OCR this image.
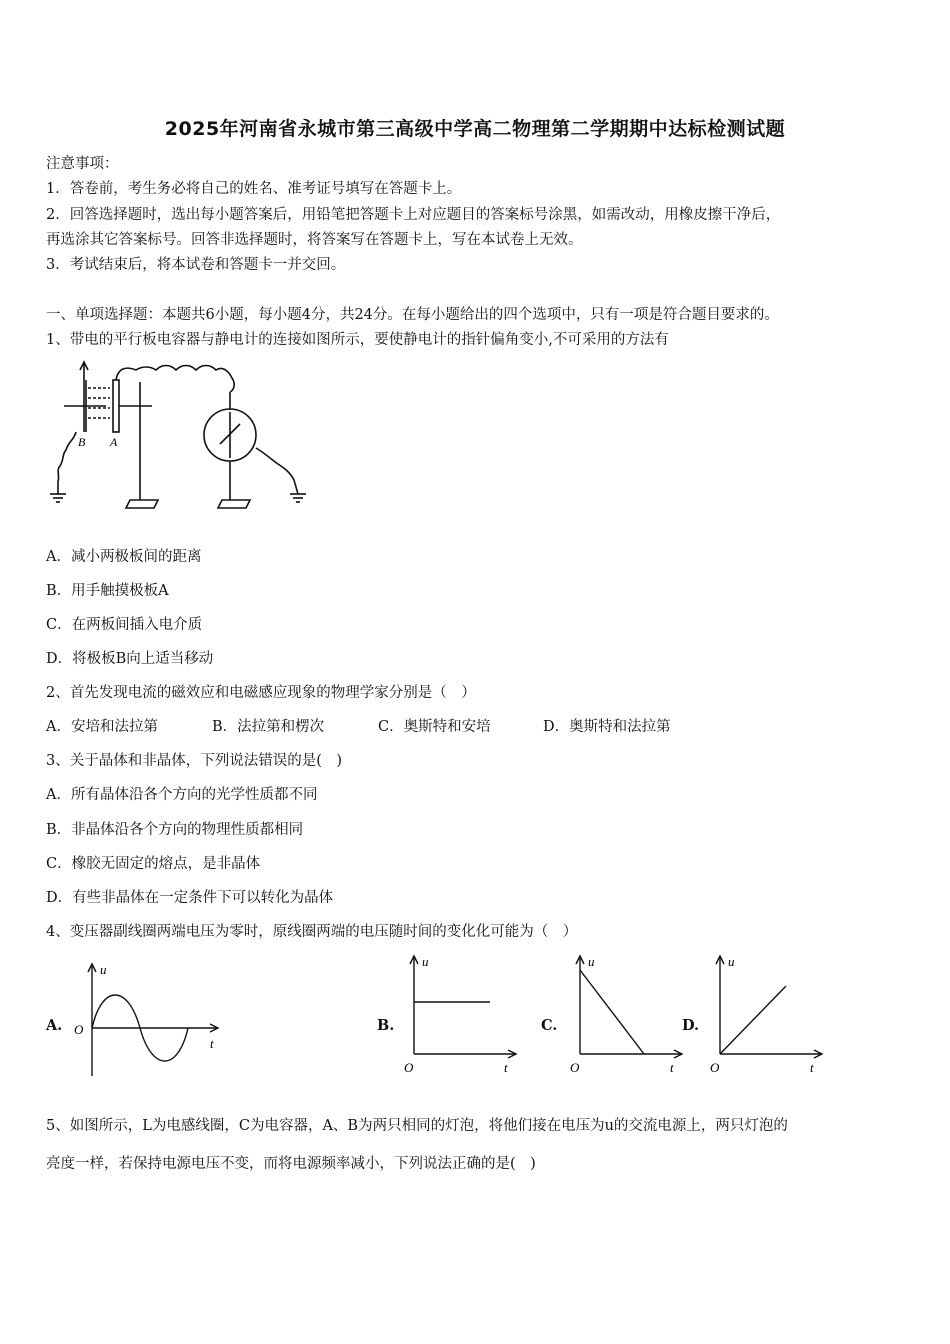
2025年河南省永城市第三高级中学高二物理第二学期期中达标检测试题
注意事项：
1．答卷前，考生务必将自己的姓名、准考证号填写在答题卡上。
2．回答选择题时，选出每小题答案后，用铅笔把答题卡上对应题目的答案标号涂黑，如需改动，用橡皮擦干净后，
再选涂其它答案标号。回答非选择题时，将答案写在答题卡上，写在本试卷上无效。
3．考试结束后，将本试卷和答题卡一并交回。
一、单项选择题：本题共6小题，每小题4分，共24分。在每小题给出的四个选项中，只有一项是符合题目要求的。
1、带电的平行板电容器与静电计的连接如图所示，要使静电计的指针偏角变小,不可采用的方法有
B A
A．减小两极板间的距离
B．用手触摸极板A
C．在两板间插入电介质
D．将极板B向上适当移动
2、首先发现电流的磁效应和电磁感应现象的物理学家分别是（　）
A．安培和法拉第	B．法拉第和楞次	C．奥斯特和安培	D．奥斯特和法拉第
3、关于晶体和非晶体，下列说法错误的是(　)
A．所有晶体沿各个方向的光学性质都不同
B．非晶体沿各个方向的物理性质都相同
C．橡胶无固定的熔点，是非晶体
D．有些非晶体在一定条件下可以转化为晶体
4、变压器副线圈两端电压为零时，原线圈两端的电压随时间的变化化可能为（　）
A.	B.	C.	D.
u
t
O
u
t
O
u
t
O
u
t
O
5、如图所示，L为电感线圈，C为电容器，A、B为两只相同的灯泡，将他们接在电压为u的交流电源上，两只灯泡的
亮度一样，若保持电源电压不变，而将电源频率减小，下列说法正确的是(　)
